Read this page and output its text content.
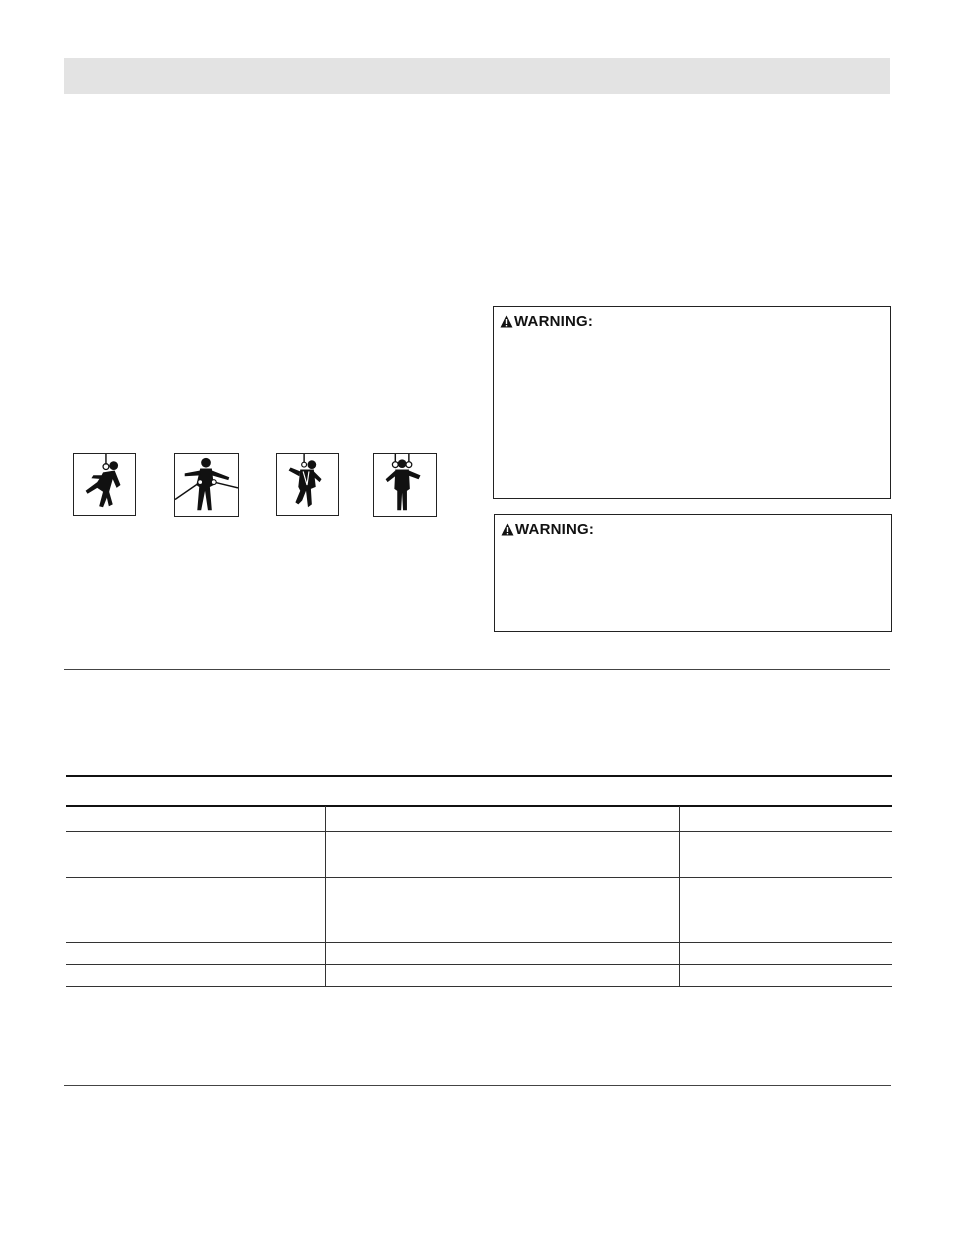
WARNING:
WARNING:
